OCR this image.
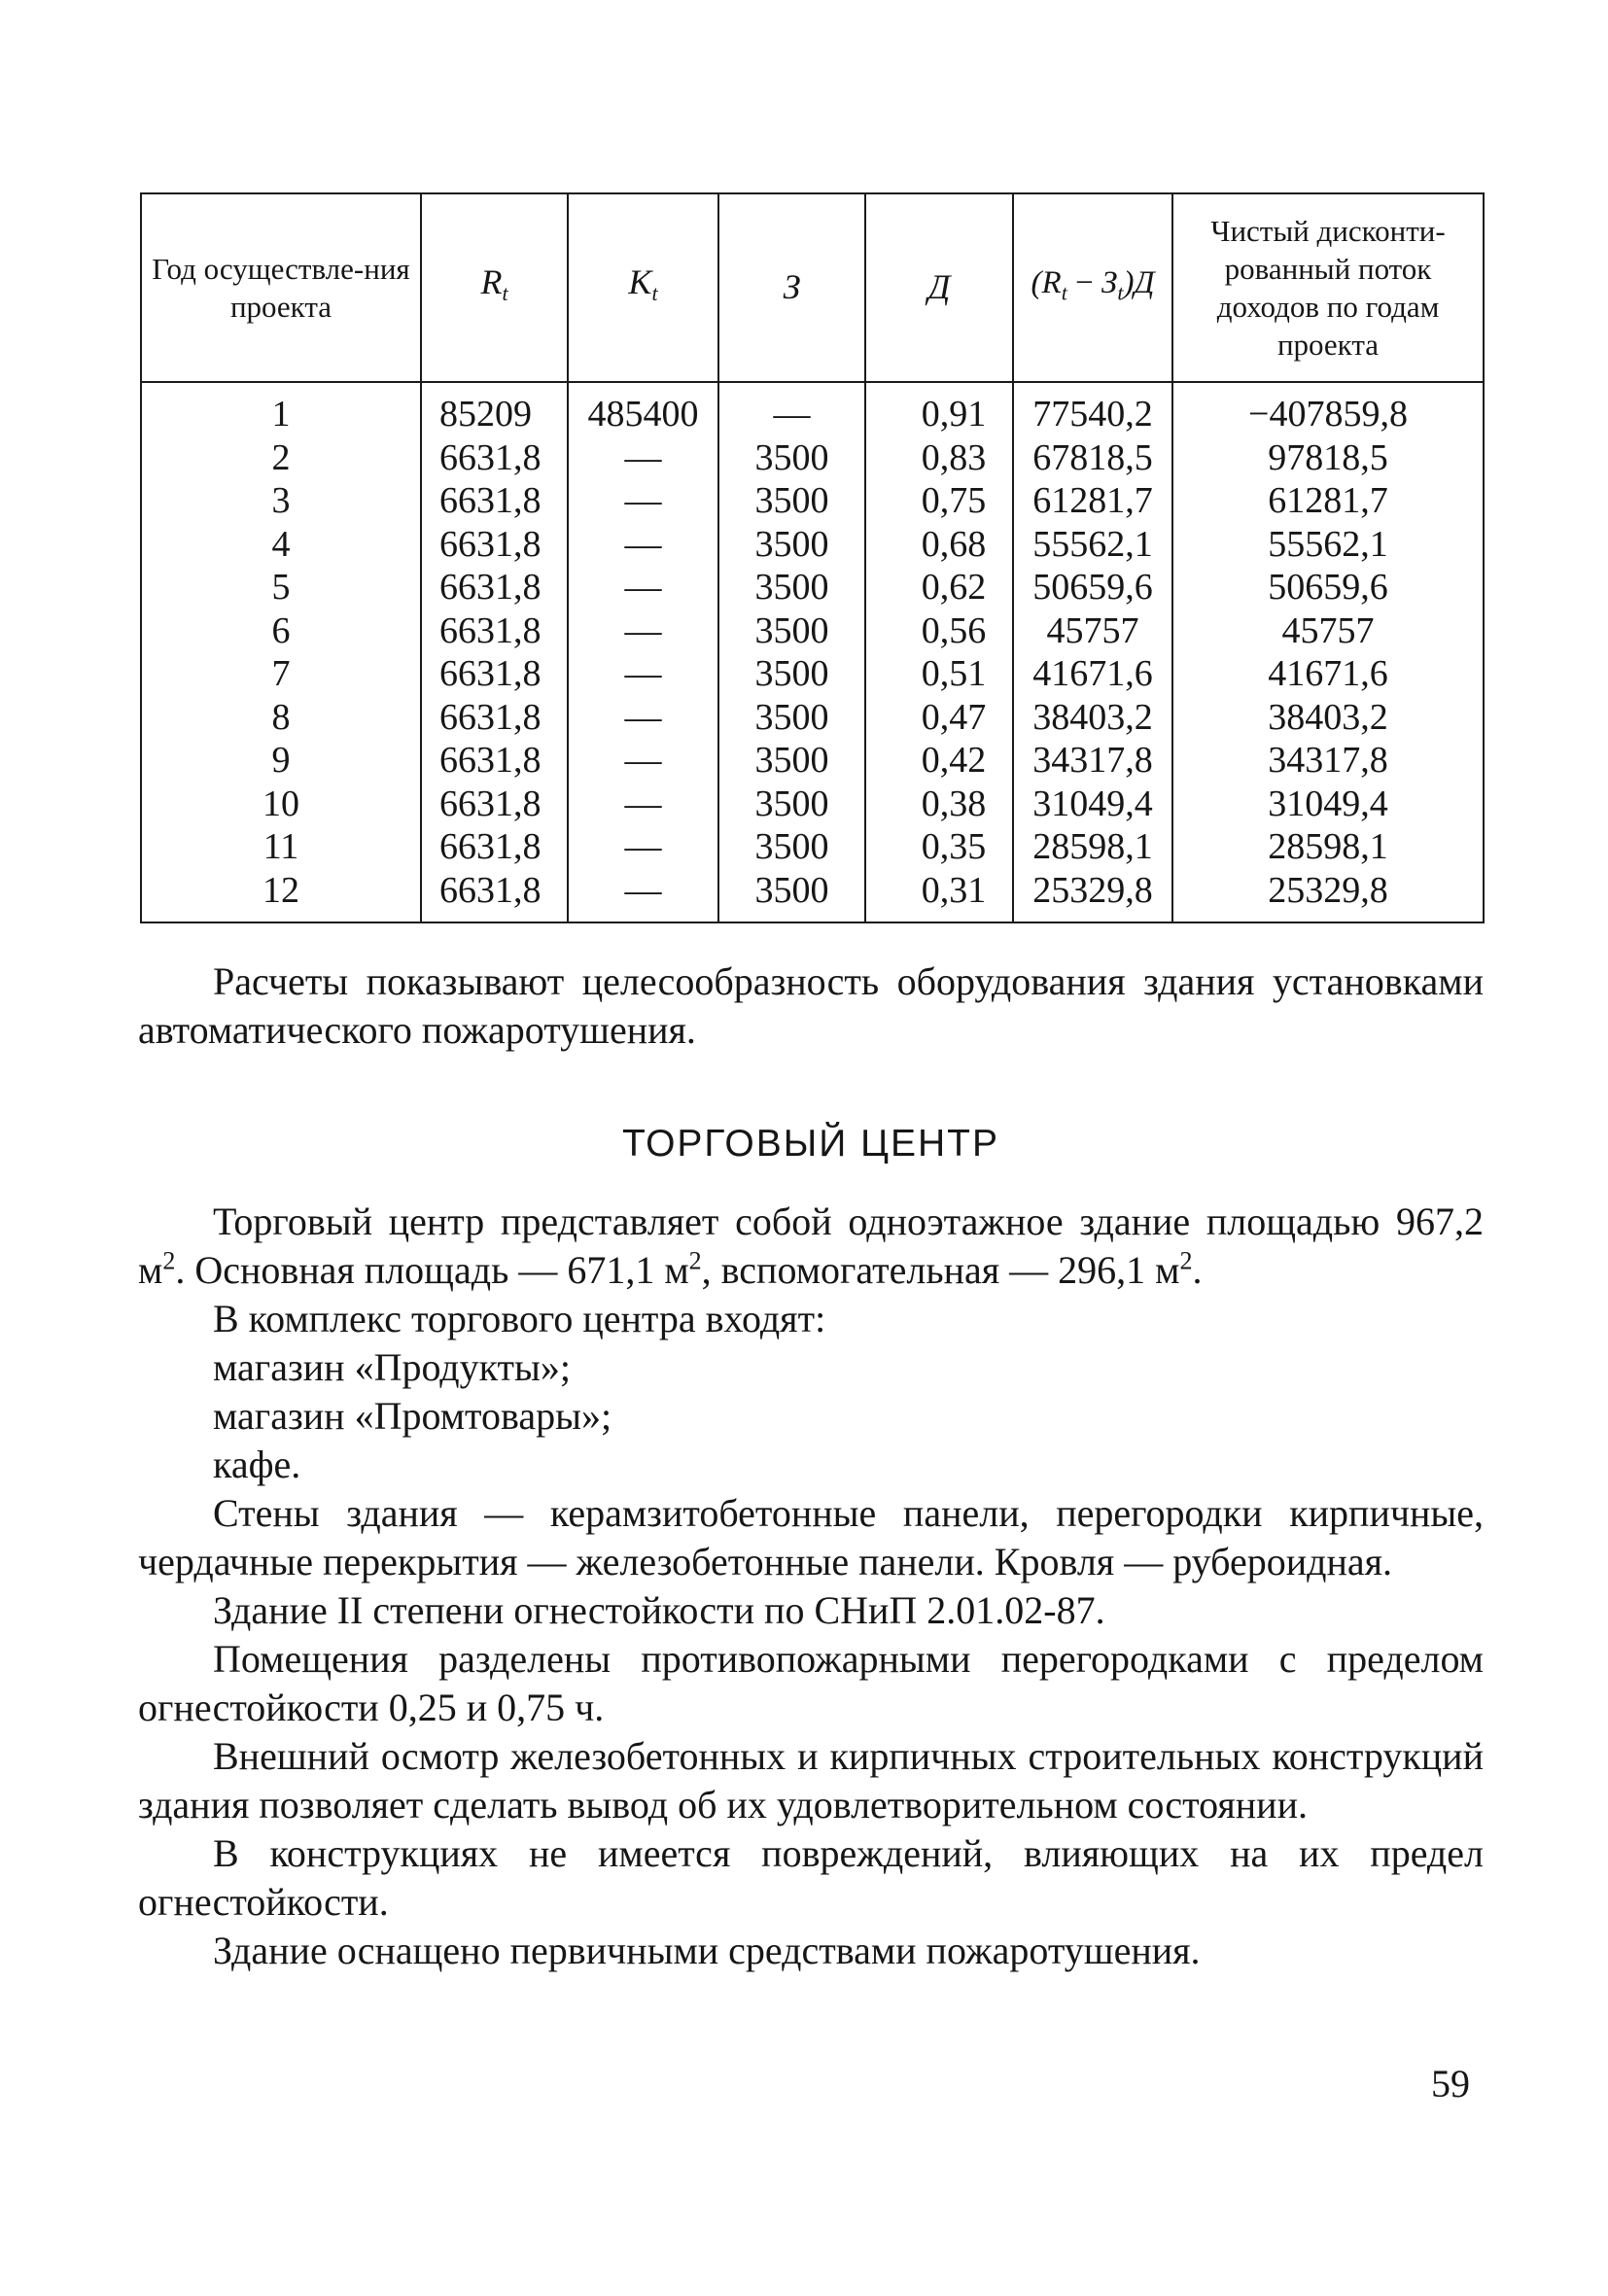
Год осуществле-ния проекта	$R_t$	$K_t$	З	Д	$(R_t - З_t)Д$	Чистый дисконти-рованный поток доходов по годам проекта
1	85209	485400	—	0,91	77540,2	−407859,8
2	6631,8	—	3500	0,83	67818,5	97818,5
3	6631,8	—	3500	0,75	61281,7	61281,7
4	6631,8	—	3500	0,68	55562,1	55562,1
5	6631,8	—	3500	0,62	50659,6	50659,6
6	6631,8	—	3500	0,56	45757	45757
7	6631,8	—	3500	0,51	41671,6	41671,6
8	6631,8	—	3500	0,47	38403,2	38403,2
9	6631,8	—	3500	0,42	34317,8	34317,8
10	6631,8	—	3500	0,38	31049,4	31049,4
11	6631,8	—	3500	0,35	28598,1	28598,1
12	6631,8	—	3500	0,31	25329,8	25329,8

Расчеты показывают целесообразность оборудования здания установками автоматического пожаротушения.

ТОРГОВЫЙ ЦЕНТР

Торговый центр представляет собой одноэтажное здание площадью 967,2 $м^2$. Основная площадь — 671,1 $м^2$, вспомогательная — 296,1 $м^2$.

В комплекс торгового центра входят:

магазин «Продукты»;

магазин «Промтовары»;

кафе.

Стены здания — керамзитобетонные панели, перегородки кирпичные, чердачные перекрытия — железобетонные панели. Кровля — рубероидная.

Здание II степени огнестойкости по СНиП 2.01.02-87.

Помещения разделены противопожарными перегородками с пределом огнестойкости 0,25 и 0,75 ч.

Внешний осмотр железобетонных и кирпичных строительных конструкций здания позволяет сделать вывод об их удовлетворительном состоянии.

В конструкциях не имеется повреждений, влияющих на их предел огнестойкости.

Здание оснащено первичными средствами пожаротушения.

59
